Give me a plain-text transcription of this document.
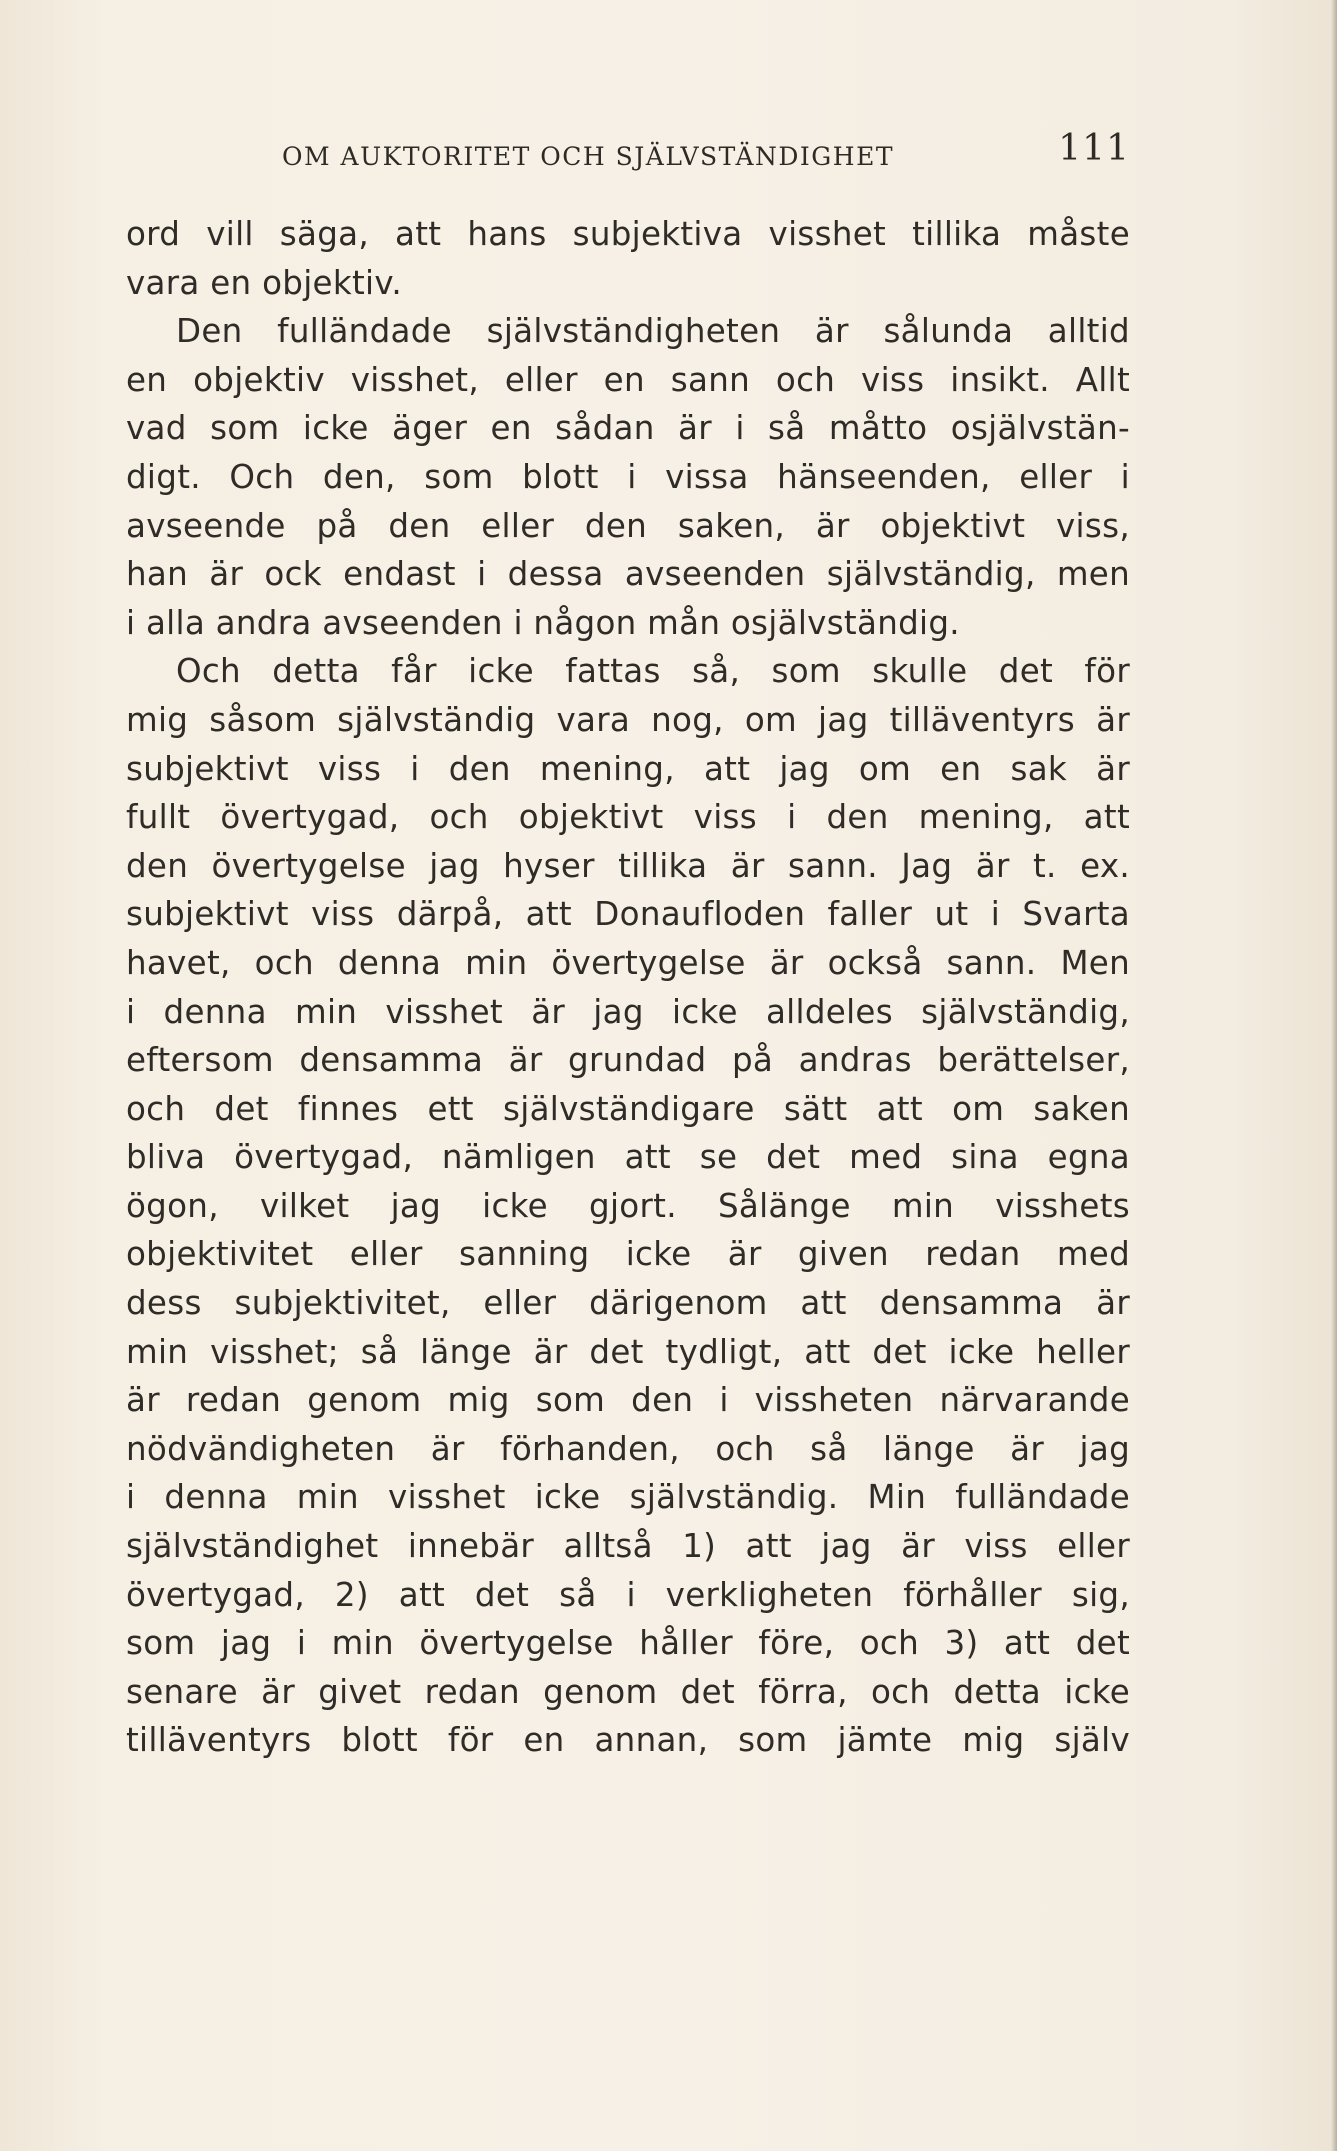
OM AUKTORITET OCH SJÄLVSTÄNDIGHET	111
ord vill säga, att hans subjektiva visshet tillika måste
vara en objektiv.
Den fulländade självständigheten är sålunda alltid
en objektiv visshet, eller en sann och viss insikt. Allt
vad som icke äger en sådan är i så måtto osjälvstän-
digt. Och den, som blott i vissa hänseenden, eller i
avseende på den eller den saken, är objektivt viss,
han är ock endast i dessa avseenden självständig, men
i alla andra avseenden i någon mån osjälvständig.
Och detta får icke fattas så, som skulle det för
mig såsom självständig vara nog, om jag tilläventyrs är
subjektivt viss i den mening, att jag om en sak är
fullt övertygad, och objektivt viss i den mening, att
den övertygelse jag hyser tillika är sann. Jag är t. ex.
subjektivt viss därpå, att Donaufloden faller ut i Svarta
havet, och denna min övertygelse är också sann. Men
i denna min visshet är jag icke alldeles självständig,
eftersom densamma är grundad på andras berättelser,
och det finnes ett självständigare sätt att om saken
bliva övertygad, nämligen att se det med sina egna
ögon, vilket jag icke gjort. Sålänge min visshets
objektivitet eller sanning icke är given redan med
dess subjektivitet, eller därigenom att densamma är
min visshet; så länge är det tydligt, att det icke heller
är redan genom mig som den i vissheten närvarande
nödvändigheten är förhanden, och så länge är jag
i denna min visshet icke självständig. Min fulländade
självständighet innebär alltså 1) att jag är viss eller
övertygad, 2) att det så i verkligheten förhåller sig,
som jag i min övertygelse håller före, och 3) att det
senare är givet redan genom det förra, och detta icke
tilläventyrs blott för en annan, som jämte mig själv
